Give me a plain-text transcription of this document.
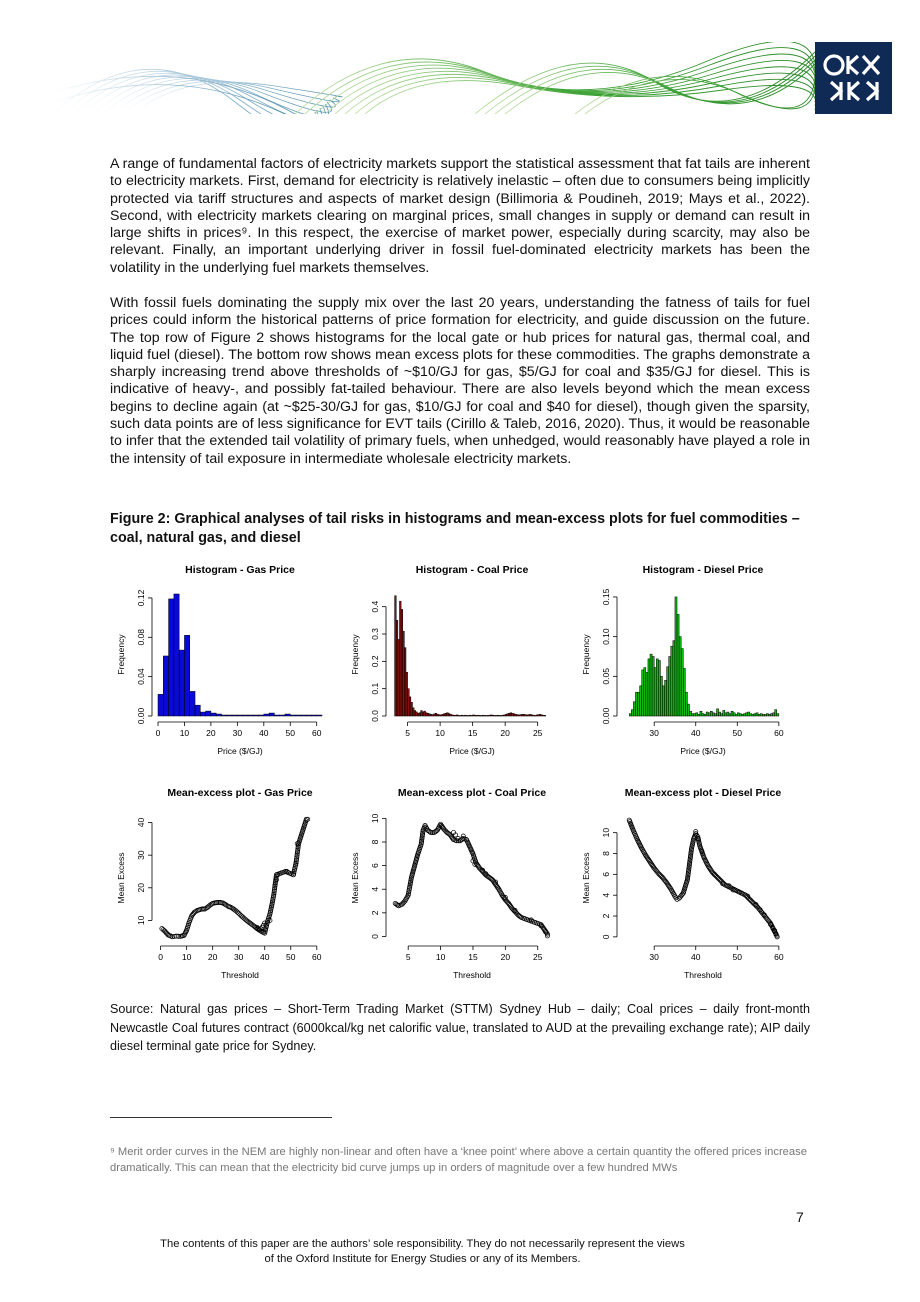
A range of fundamental factors of electricity markets support the statistical assessment that fat tails are inherent to electricity markets. First, demand for electricity is relatively inelastic – often due to consumers being implicitly protected via tariff structures and aspects of market design (Billimoria & Poudineh, 2019; Mays et al., 2022). Second, with electricity markets clearing on marginal prices, small changes in supply or demand can result in large shifts in prices⁹. In this respect, the exercise of market power, especially during scarcity, may also be relevant. Finally, an important underlying driver in fossil fuel-dominated electricity markets has been the volatility in the underlying fuel markets themselves.

With fossil fuels dominating the supply mix over the last 20 years, understanding the fatness of tails for fuel prices could inform the historical patterns of price formation for electricity, and guide discussion on the future. The top row of Figure 2 shows histograms for the local gate or hub prices for natural gas, thermal coal, and liquid fuel (diesel). The bottom row shows mean excess plots for these commodities. The graphs demonstrate a sharply increasing trend above thresholds of ~$10/GJ for gas, $5/GJ for coal and $35/GJ for diesel. This is indicative of heavy-, and possibly fat-tailed behaviour. There are also levels beyond which the mean excess begins to decline again (at ~$25-30/GJ for gas, $10/GJ for coal and $40 for diesel), though given the sparsity, such data points are of less significance for EVT tails (Cirillo & Taleb, 2016, 2020). Thus, it would be reasonable to infer that the extended tail volatility of primary fuels, when unhedged, would reasonably have played a role in the intensity of tail exposure in intermediate wholesale electricity markets.

Figure 2: Graphical analyses of tail risks in histograms and mean-excess plots for fuel commodities – coal, natural gas, and diesel

Histogram - Gas Price
0 10 20 30 40 50 60
0.00
0.04
0.08
0.12
Price ($/GJ)
Frequency
Histogram - Coal Price
5	10	15	20	25
0.0
0.1
0.2
0.3
0.4
Price ($/GJ)
Frequency
Histogram - Diesel Price
30	40	50	60
0.00
0.05
0.10
0.15
Price ($/GJ)
Frequency
Mean-excess plot - Gas Price
0 10 20 30 40 50 60
10
20
30
40
Threshold
Mean Excess
Mean-excess plot - Coal Price
5	10	15	20	25
0
2
4
6
8
10
Threshold
Mean Excess
Mean-excess plot - Diesel Price
30	40	50	60
0
2
4
6
8
10
Threshold
Mean Excess

Source: Natural gas prices – Short-Term Trading Market (STTM) Sydney Hub – daily; Coal prices – daily front-month Newcastle Coal futures contract (6000kcal/kg net calorific value, translated to AUD at the prevailing exchange rate); AIP daily diesel terminal gate price for Sydney.

⁹ Merit order curves in the NEM are highly non-linear and often have a ‘knee point’ where above a certain quantity the offered prices increase dramatically. This can mean that the electricity bid curve jumps up in orders of magnitude over a few hundred MWs

7

The contents of this paper are the authors’ sole responsibility. They do not necessarily represent the views
of the Oxford Institute for Energy Studies or any of its Members.
